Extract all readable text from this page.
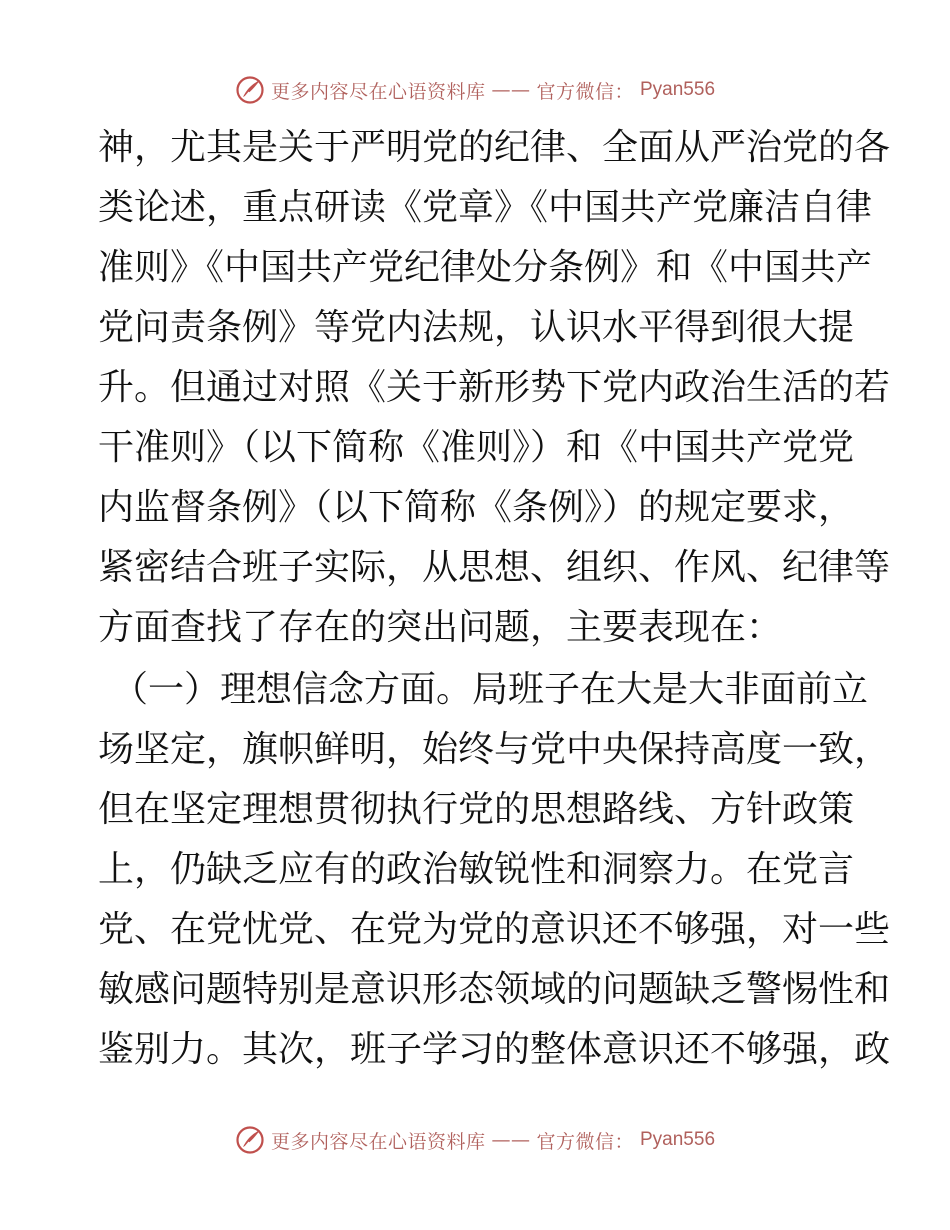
更多内容尽在心语资料库 —— 官方微信： Pyan556
神，尤其是关于严明党的纪律、全面从严治党的各
类论述，重点研读《党章》《中国共产党廉洁自律
准则》《中国共产党纪律处分条例》和《中国共产
党问责条例》等党内法规，认识水平得到很大提
升。但通过对照《关于新形势下党内政治生活的若
干准则》（以下简称《准则》）和《中国共产党党
内监督条例》（以下简称《条例》）的规定要求，
紧密结合班子实际，从思想、组织、作风、纪律等
方面查找了存在的突出问题，主要表现在：
（一）理想信念方面。局班子在大是大非面前立
场坚定，旗帜鲜明，始终与党中央保持高度一致，
但在坚定理想贯彻执行党的思想路线、方针政策
上，仍缺乏应有的政治敏锐性和洞察力。在党言
党、在党忧党、在党为党的意识还不够强，对一些
敏感问题特别是意识形态领域的问题缺乏警惕性和
鉴别力。其次，班子学习的整体意识还不够强，政
更多内容尽在心语资料库 —— 官方微信： Pyan556
